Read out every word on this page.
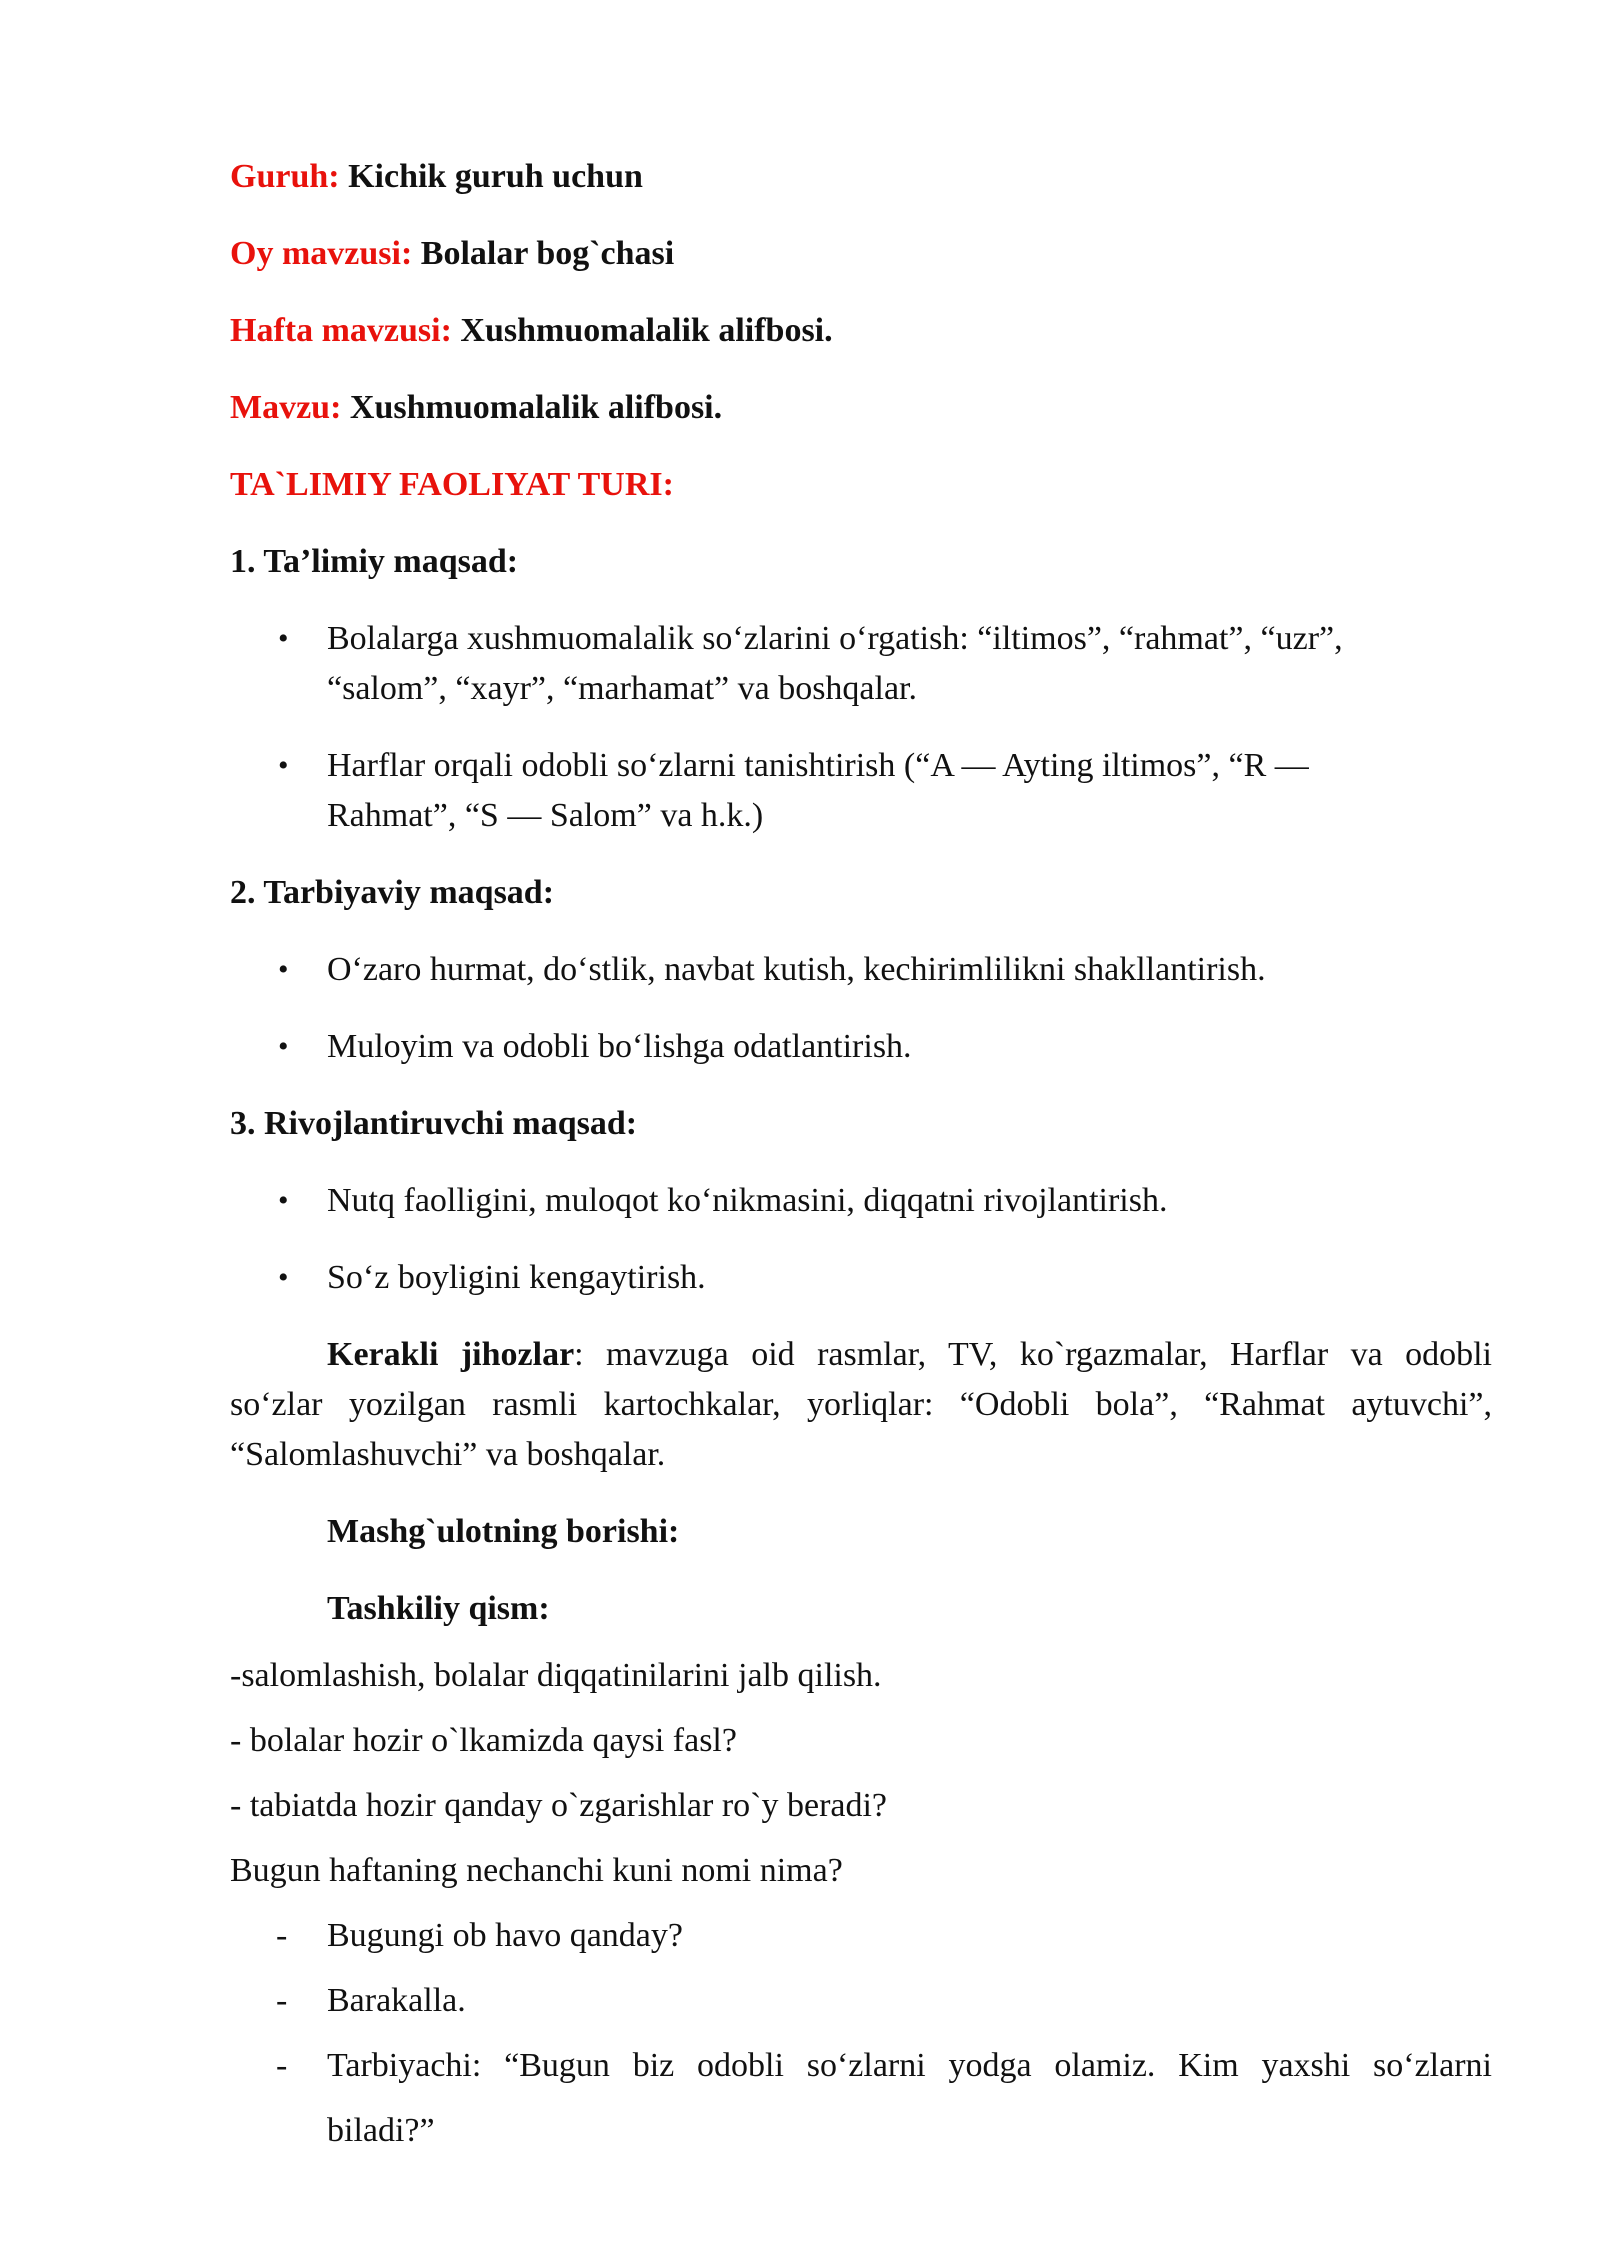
Guruh: Kichik guruh uchun
Oy mavzusi: Bolalar bog`chasi
Hafta mavzusi: Xushmuomalalik alifbosi.
Mavzu: Xushmuomalalik alifbosi.
TA`LIMIY FAOLIYAT TURI:
1. Ta’limiy maqsad:
• Bolalarga xushmuomalalik so‘zlarini o‘rgatish: “iltimos”, “rahmat”, “uzr”,
“salom”, “xayr”, “marhamat” va boshqalar.
• Harflar orqali odobli so‘zlarni tanishtirish (“A — Ayting iltimos”, “R —
Rahmat”, “S — Salom” va h.k.)
2. Tarbiyaviy maqsad:
• O‘zaro hurmat, do‘stlik, navbat kutish, kechirimlilikni shakllantirish.
• Muloyim va odobli bo‘lishga odatlantirish.
3. Rivojlantiruvchi maqsad:
• Nutq faolligini, muloqot ko‘nikmasini, diqqatni rivojlantirish.
• So‘z boyligini kengaytirish.
Kerakli jihozlar: mavzuga oid rasmlar, TV, ko`rgazmalar, Harflar va odobli
so‘zlar yozilgan rasmli kartochkalar, yorliqlar: “Odobli bola”, “Rahmat aytuvchi”,
“Salomlashuvchi” va boshqalar.
Mashg`ulotning borishi:
Tashkiliy qism:
-salomlashish, bolalar diqqatinilarini jalb qilish.
- bolalar hozir o`lkamizda qaysi fasl?
- tabiatda hozir qanday o`zgarishlar ro`y beradi?
Bugun haftaning nechanchi kuni nomi nima?
- Bugungi ob havo qanday?
- Barakalla.
- Tarbiyachi: “Bugun biz odobli so‘zlarni yodga olamiz. Kim yaxshi so‘zlarni
biladi?”
